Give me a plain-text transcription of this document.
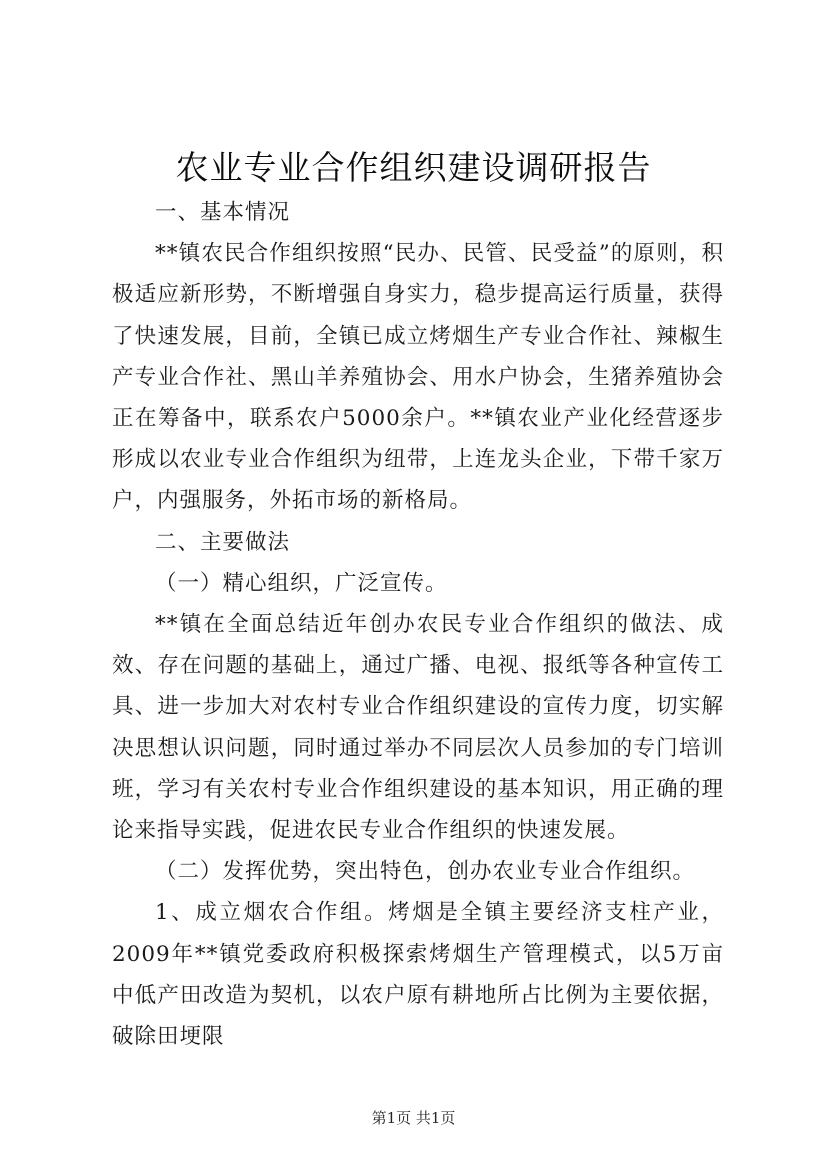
农业专业合作组织建设调研报告

一、基本情况

**镇农民合作组织按照“民办、民管、民受益”的原则，积极适应新形势，不断增强自身实力，稳步提高运行质量，获得了快速发展，目前，全镇已成立烤烟生产专业合作社、辣椒生产专业合作社、黑山羊养殖协会、用水户协会，生猪养殖协会正在筹备中，联系农户5000余户。**镇农业产业化经营逐步形成以农业专业合作组织为纽带，上连龙头企业，下带千家万户，内强服务，外拓市场的新格局。

二、主要做法

（一）精心组织，广泛宣传。

**镇在全面总结近年创办农民专业合作组织的做法、成效、存在问题的基础上，通过广播、电视、报纸等各种宣传工具、进一步加大对农村专业合作组织建设的宣传力度，切实解决思想认识问题，同时通过举办不同层次人员参加的专门培训班，学习有关农村专业合作组织建设的基本知识，用正确的理论来指导实践，促进农民专业合作组织的快速发展。

（二）发挥优势，突出特色，创办农业专业合作组织。

1、成立烟农合作组。烤烟是全镇主要经济支柱产业，2009年**镇党委政府积极探索烤烟生产管理模式，以5万亩中低产田改造为契机，以农户原有耕地所占比例为主要依据，破除田埂限

第1页 共1页
